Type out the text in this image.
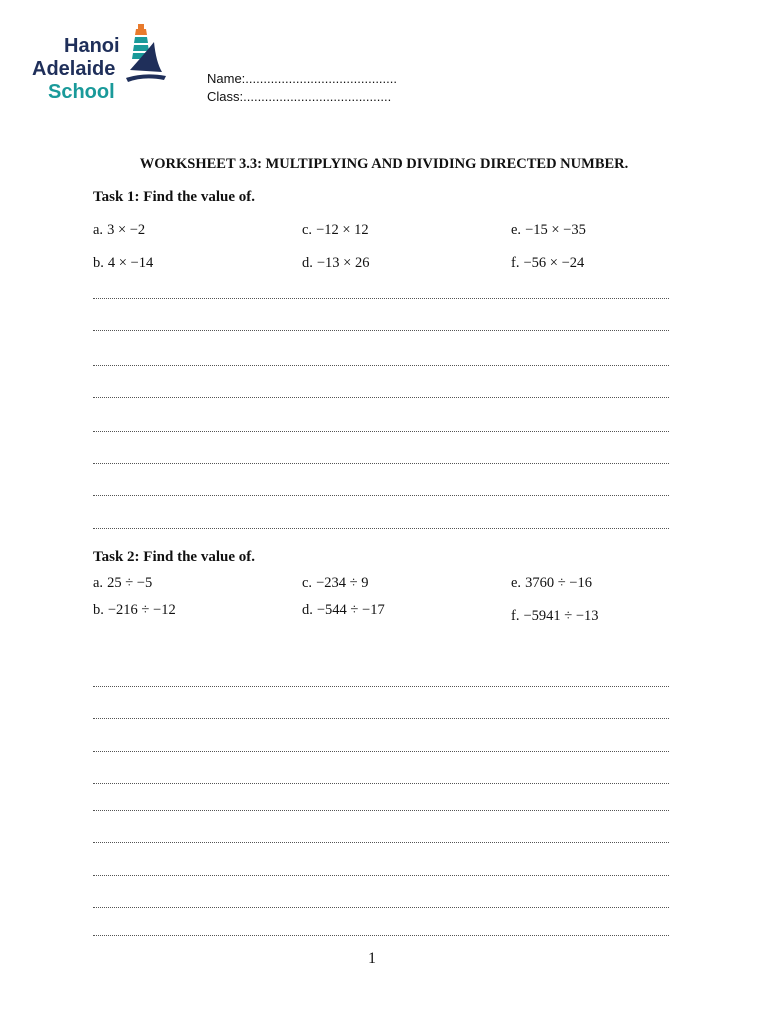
Hanoi
Adelaide
School
Name:..........................................
Class:.........................................
WORKSHEET 3.3: MULTIPLYING AND DIVIDING DIRECTED NUMBER.
Task 1: Find the value of.
a. 3 × −2
b. 4 × −14
c. −12 × 12
d. −13 × 26
e. −15 × −35
f. −56 × −24
Task 2: Find the value of.
a. 25 ÷ −5
b. −216 ÷ −12
c. −234 ÷ 9
d. −544 ÷ −17
e. 3760 ÷ −16
f. −5941 ÷ −13
1
